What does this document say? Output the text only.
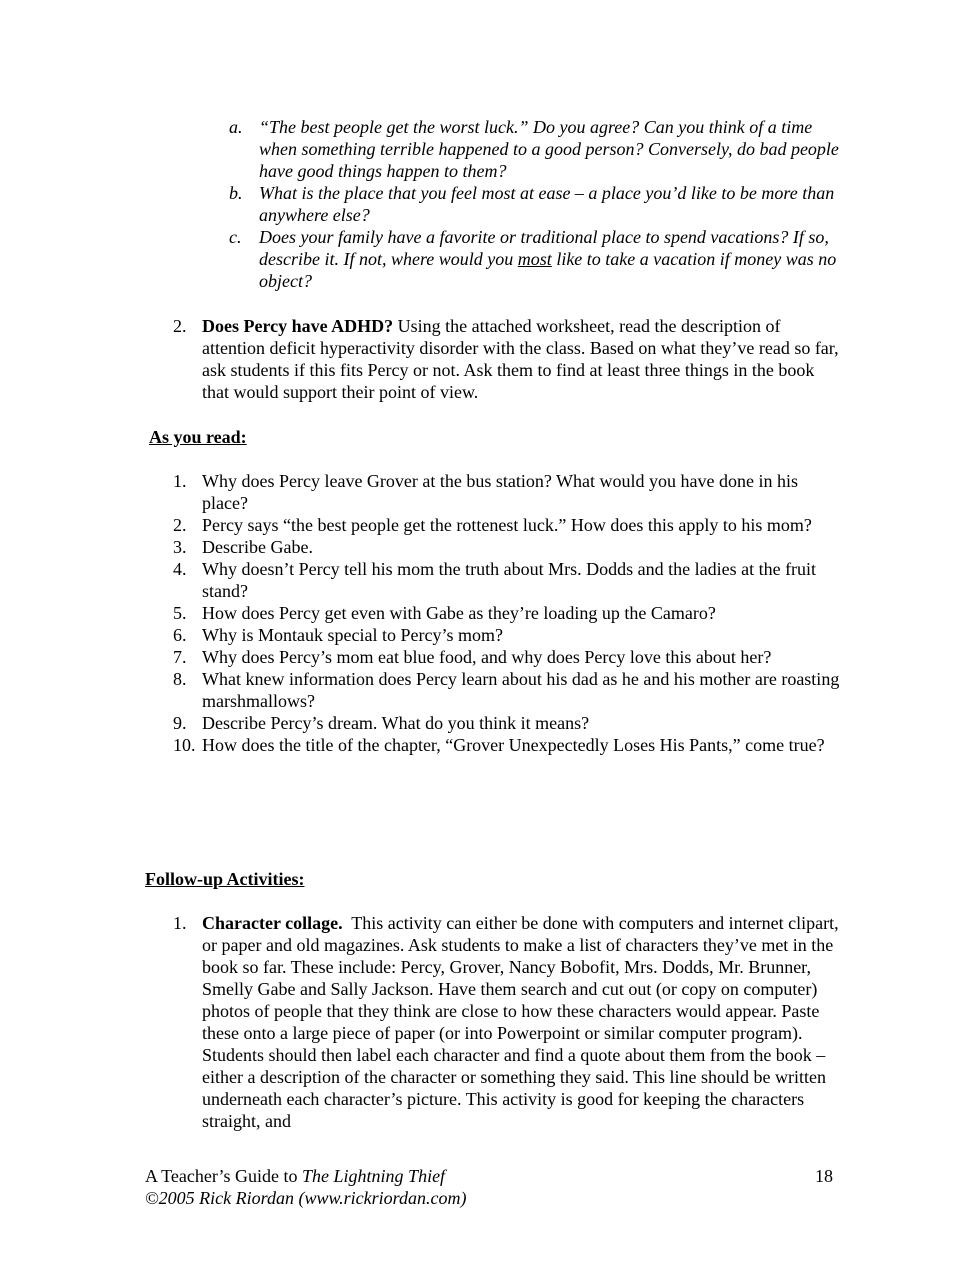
a. “The best people get the worst luck.” Do you agree? Can you think of a time when something terrible happened to a good person? Conversely, do bad people have good things happen to them?
b. What is the place that you feel most at ease – a place you’d like to be more than anywhere else?
c. Does your family have a favorite or traditional place to spend vacations? If so, describe it. If not, where would you most like to take a vacation if money was no object?
2. Does Percy have ADHD? Using the attached worksheet, read the description of attention deficit hyperactivity disorder with the class. Based on what they’ve read so far, ask students if this fits Percy or not. Ask them to find at least three things in the book that would support their point of view.
As you read:
1. Why does Percy leave Grover at the bus station? What would you have done in his place?
2. Percy says “the best people get the rottenest luck.” How does this apply to his mom?
3. Describe Gabe.
4. Why doesn’t Percy tell his mom the truth about Mrs. Dodds and the ladies at the fruit stand?
5. How does Percy get even with Gabe as they’re loading up the Camaro?
6. Why is Montauk special to Percy’s mom?
7. Why does Percy’s mom eat blue food, and why does Percy love this about her?
8. What knew information does Percy learn about his dad as he and his mother are roasting marshmallows?
9. Describe Percy’s dream. What do you think it means?
10. How does the title of the chapter, “Grover Unexpectedly Loses His Pants,” come true?
Follow-up Activities:
1. Character collage.  This activity can either be done with computers and internet clipart, or paper and old magazines. Ask students to make a list of characters they’ve met in the book so far. These include: Percy, Grover, Nancy Bobofit, Mrs. Dodds, Mr. Brunner, Smelly Gabe and Sally Jackson. Have them search and cut out (or copy on computer) photos of people that they think are close to how these characters would appear. Paste these onto a large piece of paper (or into Powerpoint or similar computer program). Students should then label each character and find a quote about them from the book – either a description of the character or something they said. This line should be written underneath each character’s picture. This activity is good for keeping the characters straight, and
A Teacher’s Guide to The Lightning Thief
©2005 Rick Riordan (www.rickriordan.com)
18
